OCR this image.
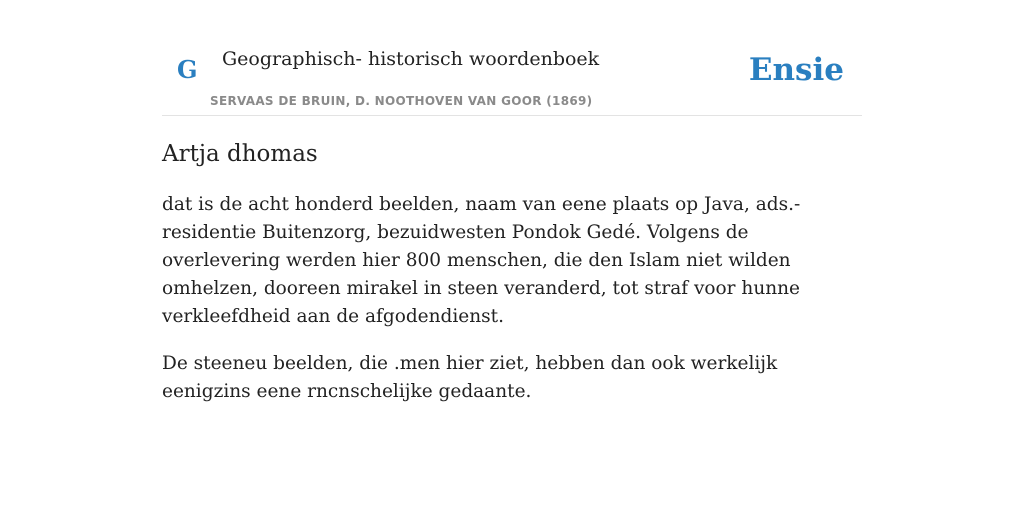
G Geographisch- historisch woordenboek
SERVAAS DE BRUIN, D. NOOTHOVEN VAN GOOR (1869)
Ensie
Artja dhomas

dat is de acht honderd beelden, naam van eene plaats op Java, ads.-residentie Buitenzorg, bezuidwesten Pondok Gedé. Volgens de overlevering werden hier 800 menschen, die den Islam niet wilden omhelzen, dooreen mirakel in steen veranderd, tot straf voor hunne verkleefdheid aan de afgodendienst.

De steeneu beelden, die .men hier ziet, hebben dan ook werkelijk eenigzins eene rncnschelijke gedaante.
